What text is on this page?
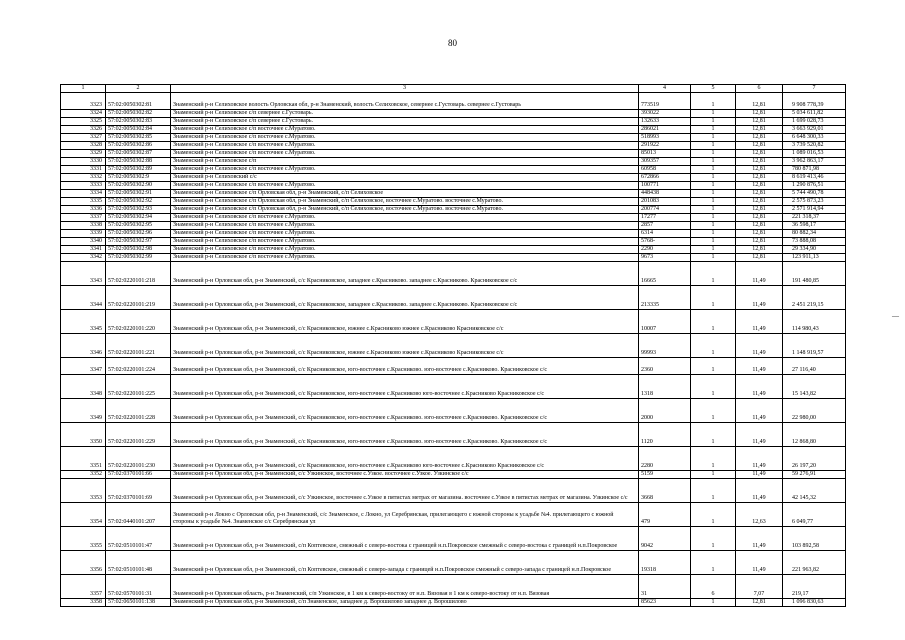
80
—
1	2	3	4	5	6	7
3323	57:02:0050302:81	Знаменский р-н Селиховское волость Орловская обл, р-н Знаменский, волость Селиховское, севернее с.Густоварь. севернее с.Густоварь	773519	1	12,81	9 908 778,39
3324	57:02:0050302:82	Знаменский р-н Селиховское с/п севернее с.Густоварь.	393022	1	12,81	5 034 611,82
3325	57:02:0050302:83	Знаменский р-н Селиховское с/п севернее с.Густоварь.	132633	1	12,81	1 699 028,73
3326	57:02:0050302:84	Знаменский р-н Селиховское с/п восточнее с.Муратово.	286021	1	12,81	3 663 929,01
3327	57:02:0050302:85	Знаменский р-н Селиховское с/п восточнее с.Муратово.	518993	1	12,81	6 648 300,33
3328	57:02:0050302:86	Знаменский р-н Селиховское с/п восточнее с.Муратово.	291922	1	12,81	3 739 520,82
3329	57:02:0050302:87	Знаменский р-н Селиховское с/п восточнее с.Муратово.	85013	1	12,81	1 089 016,53
3330	57:02:0050302:88	Знаменский р-н Селиховское с/п	309357	1	12,81	3 962 863,17
3331	57:02:0050302:89	Знаменский р-н Селиховское с/п восточнее с.Муратово.	60958	1	12,81	780 871,98
3332	57:02:0050302:9	Знаменский р-н Селиховский с/с	672866	1	12,81	8 619 413,46
3333	57:02:0050302:90	Знаменский р-н Селиховское с/п восточнее с.Муратово.	100771	1	12,81	1 290 876,51
3334	57:02:0050302:91	Знаменский р-н Селиховское с/п Орловская обл, р-н Знаменский, с/п Селиховское	448438	1	12,81	5 744 490,78
3335	57:02:0050302:92	Знаменский р-н Селиховское с/п Орловская обл, р-н Знаменский, с/п Селиховское, восточнее с.Муратово. восточнее с.Муратово.	201083	1	12,81	2 575 873,23
3336	57:02:0050302:93	Знаменский р-н Селиховское с/п Орловская обл, р-н Знаменский, с/п Селиховское, восточнее с.Муратово. восточнее с.Муратово.	200774	1	12,81	2 571 914,94
3337	57:02:0050302:94	Знаменский р-н Селиховское с/п восточнее с.Муратово.	17277	1	12,81	221 318,37
3338	57:02:0050302:95	Знаменский р-н Селиховское с/п восточнее с.Муратово.	2857	1	12,81	36 598,17
3339	57:02:0050302:96	Знаменский р-н Селиховское с/п восточнее с.Муратово.	6314	1	12,81	80 882,34
3340	57:02:0050302:97	Знаменский р-н Селиховское с/п восточнее с.Муратово.	5768-	1	12,81	73 888,08
3341	57:02:0050302:98	Знаменский р-н Селиховское с/п восточнее с.Муратово.	2290	1	12,81	29 334,90
3342	57:02:0050302:99	Знаменский р-н Селиховское с/п восточнее с.Муратово.	9673	1	12,81	123 911,13
3343	57:02:0220101:218	Знаменский р-н Орловская обл, р-н Знаменский, с/с Красниковское, западнее с.Красниково. западнее с.Красниково. Красниковское с/с	16665	1	11,49	191 480,85
3344	57:02:0220101:219	Знаменский р-н Орловская обл, р-н Знаменский, с/с Красниковское, западнее с.Красниково. западнее с.Красниково. Красниковское с/с	213335	1	11,49	2 451 219,15
3345	57:02:0220101:220	Знаменский р-н Орловская обл, р-н Знаменский, с/с Красниковское, южнее с.Красниково южнее с.Красниково Красниковское с/с	10007	1	11,49	114 980,43
3346	57:02:0220101:221	Знаменский р-н Орловская обл, р-н Знаменский, с/с Красниковское, южнее с.Красниково южнее с.Красниково Красниковское с/с	99993	1	11,49	1 148 919,57
3347	57:02:0220101:224	Знаменский р-н Орловская обл, р-н Знаменский, с/с Красниковское, юго-восточнее с.Красниково. юго-восточнее с.Красниково. Красниковское с/с	2360	1	11,49	27 116,40
3348	57:02:0220101:225	Знаменский р-н Орловская обл, р-н Знаменский, с/с Красниковское, юго-восточнее с.Красниково юго-восточнее с.Красниково Красниковское с/с	1318	1	11,49	15 143,82
3349	57:02:0220101:228	Знаменский р-н Орловская обл, р-н Знаменский, с/с Красниковское, юго-восточнее с.Красниково. юго-восточнее с.Красниково. Красниковское с/с	2000	1	11,49	22 980,00
3350	57:02:0220101:229	Знаменский р-н Орловская обл, р-н Знаменский, с/с Красниковское, юго-восточнее с.Красниково. юго-восточнее с.Красниково. Красниковское с/с	1120	1	11,49	12 868,80
3351	57:02:0220101:230	Знаменский р-н Орловская обл, р-н Знаменский, с/с Красниковское, юго-восточнее с.Красниково юго-восточнее с.Красниково Красниковское с/с	2280	1	11,49	26 197,20
3352	57:02:0370101:66	Знаменский р-н Орловская обл, р-н Знаменский, с/с Узкинское, восточнее с.Узкое. восточнее с.Узкое. Узкинское с/с	5159	1	11,49	59 276,91
3353	57:02:0370101:69	Знаменский р-н Орловская обл, р-н Знаменский, с/с Узкинское, восточнее с.Узкое в пятистах метрах от магазина. восточнее с.Узкое в пятистах метрах от магазина. Узкинское с/с	3668	1	11,49	42 145,32
3354	57:02:0440101:207	Знаменский р-н Локно с Орловская обл, р-н Знаменский, с/с Знаменское, с Локно, ул Серебрянская, прилегающего с южной стороны к усадьбе №4. прилегающего с южной стороны к усадьбе №4. Знаменское с/с Серебрянская ул	479	1	12,63	6 049,77
3355	57:02:0510101:47	Знаменский р-н Орловская обл, р-н Знаменский, с/п Коптевское, смежный с северо-востока с границей н.п.Покровское смежный с северо-востока с границей н.п.Покровское	9042	1	11,49	103 892,58
3356	57:02:0510101:48	Знаменский р-н Орловская обл, р-н Знаменский, с/п Коптевское, смежный с северо-запада с границей н.п.Покровское смежный с северо-запада с границей н.п.Покровское	19318	1	11,49	221 963,82
3357	57:02:0570101:31	Знаменский р-н Орловская область, р-н Знаменский, с/п Узкинское, в 1 км к северо-востоку от н.п. Вязовая в 1 км к северо-востоку от н.п. Вязовая	31	6	7,07	219,17
3358	57:02:0650101:138	Знаменский р-н Орловская обл, р-н Знаменский, с/п Знаменское, западнее д. Ворошилово западнее д. Ворошилово	85623	1	12,81	1 096 830,63
